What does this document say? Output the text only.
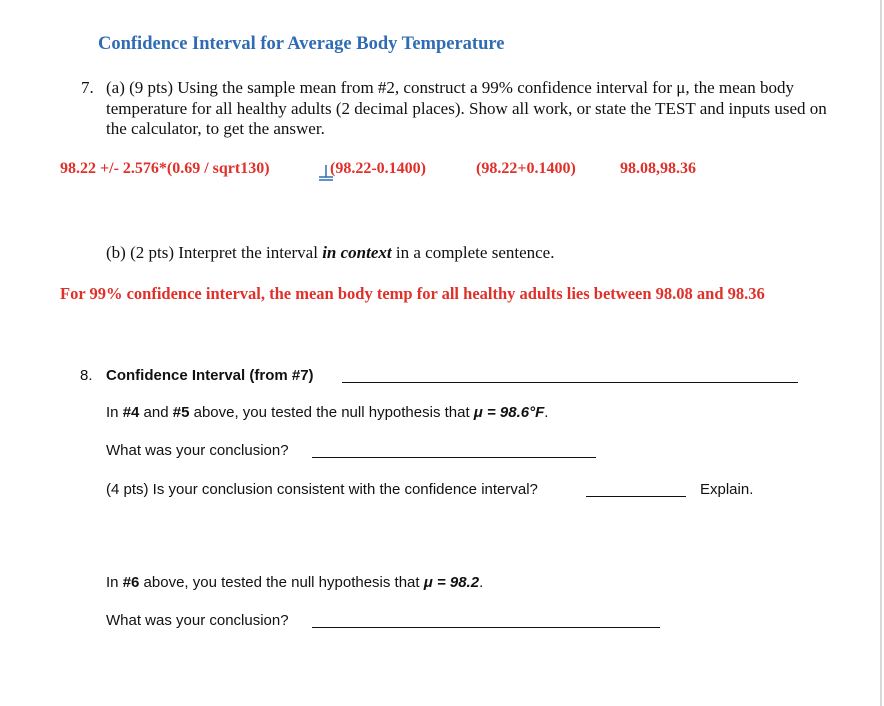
Confidence Interval for Average Body Temperature
7. (a) (9 pts) Using the sample mean from #2, construct a 99% confidence interval for μ, the mean body temperature for all healthy adults (2 decimal places). Show all work, or state the TEST and inputs used on the calculator, to get the answer.
98.22 +/- 2.576*(0.69 / sqrt130)	(98.22-0.1400)	(98.22+0.1400)	98.08,98.36
(b) (2 pts) Interpret the interval in context in a complete sentence.
For 99% confidence interval, the mean body temp for all healthy adults lies between 98.08 and 98.36
8. Confidence Interval (from #7)
In #4 and #5 above, you tested the null hypothesis that μ = 98.6°F.
What was your conclusion?
(4 pts) Is your conclusion consistent with the confidence interval?	Explain.
In #6 above, you tested the null hypothesis that μ = 98.2.
What was your conclusion?
